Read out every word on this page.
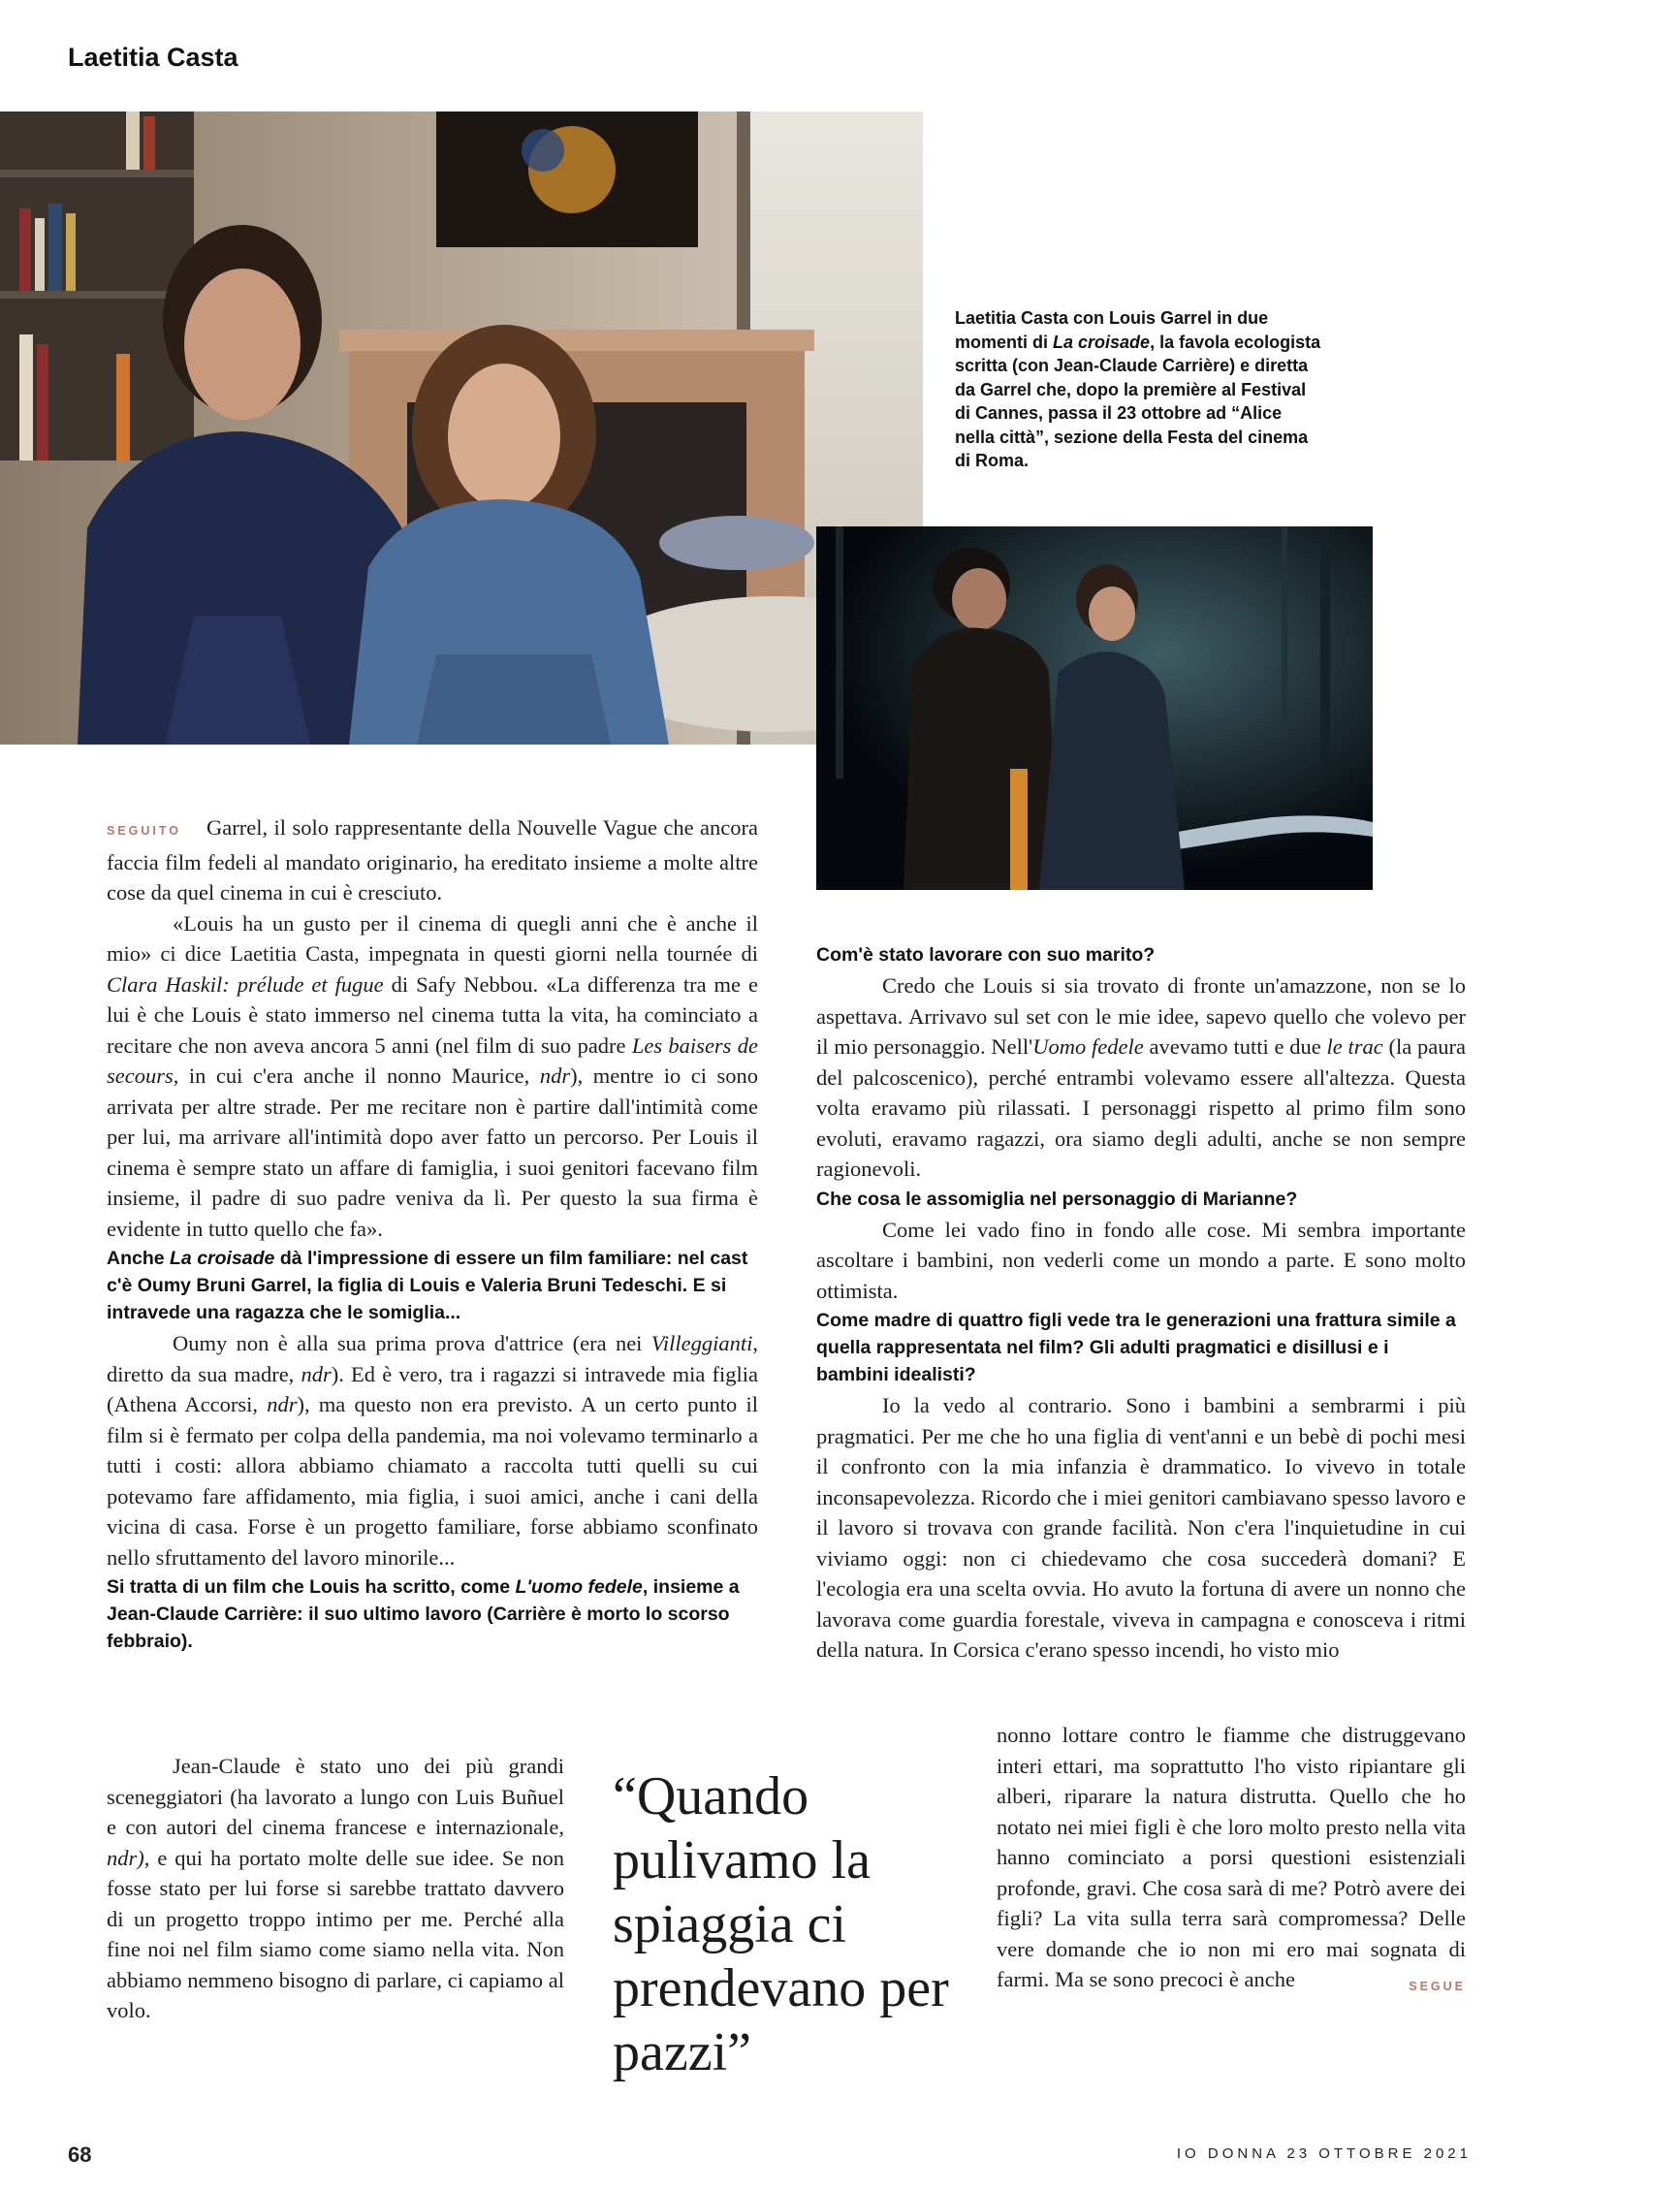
Laetitia Casta
Laetitia Casta con Louis Garrel in due momenti di La croisade, la favola ecologista scritta (con Jean-Claude Carrière) e diretta da Garrel che, dopo la première al Festival di Cannes, passa il 23 ottobre ad “Alice nella città”, sezione della Festa del cinema di Roma.

SEGUITO Garrel, il solo rappresentante della Nouvelle Vague che ancora faccia film fedeli al mandato originario, ha ereditato insieme a molte altre cose da quel cinema in cui è cresciuto.

«Louis ha un gusto per il cinema di quegli anni che è anche il mio» ci dice Laetitia Casta, impegnata in questi giorni nella tournée di Clara Haskil: prélude et fugue di Safy Nebbou. «La differenza tra me e lui è che Louis è stato immerso nel cinema tutta la vita, ha cominciato a recitare che non aveva ancora 5 anni (nel film di suo padre Les baisers de secours, in cui c'era anche il nonno Maurice, ndr), mentre io ci sono arrivata per altre strade. Per me recitare non è partire dall'intimità come per lui, ma arrivare all'intimità dopo aver fatto un percorso. Per Louis il cinema è sempre stato un affare di famiglia, i suoi genitori facevano film insieme, il padre di suo padre veniva da lì. Per questo la sua firma è evidente in tutto quello che fa».

Anche La croisade dà l'impressione di essere un film familiare: nel cast c'è Oumy Bruni Garrel, la figlia di Louis e Valeria Bruni Tedeschi. E si intravede una ragazza che le somiglia...

Oumy non è alla sua prima prova d'attrice (era nei Villeggianti, diretto da sua madre, ndr). Ed è vero, tra i ragazzi si intravede mia figlia (Athena Accorsi, ndr), ma questo non era previsto. A un certo punto il film si è fermato per colpa della pandemia, ma noi volevamo terminarlo a tutti i costi: allora abbiamo chiamato a raccolta tutti quelli su cui potevamo fare affidamento, mia figlia, i suoi amici, anche i cani della vicina di casa. Forse è un progetto familiare, forse abbiamo sconfinato nello sfruttamento del lavoro minorile...

Si tratta di un film che Louis ha scritto, come L'uomo fedele, insieme a Jean-Claude Carrière: il suo ultimo lavoro (Carrière è morto lo scorso febbraio).

Jean-Claude è stato uno dei più grandi sceneggiatori (ha lavorato a lungo con Luis Buñuel e con autori del cinema francese e internazionale, ndr), e qui ha portato molte delle sue idee. Se non fosse stato per lui forse si sarebbe trattato davvero di un progetto troppo intimo per me. Perché alla fine noi nel film siamo come siamo nella vita. Non abbiamo nemmeno bisogno di parlare, ci capiamo al volo.

“Quando pulivamo la spiaggia ci prendevano per pazzi”

Com'è stato lavorare con suo marito?

Credo che Louis si sia trovato di fronte un'amazzone, non se lo aspettava. Arrivavo sul set con le mie idee, sapevo quello che volevo per il mio personaggio. Nell'Uomo fedele avevamo tutti e due le trac (la paura del palcoscenico), perché entrambi volevamo essere all'altezza. Questa volta eravamo più rilassati. I personaggi rispetto al primo film sono evoluti, eravamo ragazzi, ora siamo degli adulti, anche se non sempre ragionevoli.

Che cosa le assomiglia nel personaggio di Marianne?

Come lei vado fino in fondo alle cose. Mi sembra importante ascoltare i bambini, non vederli come un mondo a parte. E sono molto ottimista.

Come madre di quattro figli vede tra le generazioni una frattura simile a quella rappresentata nel film? Gli adulti pragmatici e disillusi e i bambini idealisti?

Io la vedo al contrario. Sono i bambini a sembrarmi i più pragmatici. Per me che ho una figlia di vent'anni e un bebè di pochi mesi il confronto con la mia infanzia è drammatico. Io vivevo in totale inconsapevolezza. Ricordo che i miei genitori cambiavano spesso lavoro e il lavoro si trovava con grande facilità. Non c'era l'inquietudine in cui viviamo oggi: non ci chiedevamo che cosa succederà domani? E l'ecologia era una scelta ovvia. Ho avuto la fortuna di avere un nonno che lavorava come guardia forestale, viveva in campagna e conosceva i ritmi della natura. In Corsica c'erano spesso incendi, ho visto mio

nonno lottare contro le fiamme che distruggevano interi ettari, ma soprattutto l'ho visto ripiantare gli alberi, riparare la natura distrutta. Quello che ho notato nei miei figli è che loro molto presto nella vita hanno cominciato a porsi questioni esistenziali profonde, gravi. Che cosa sarà di me? Potrò avere dei figli? La vita sulla terra sarà compromessa? Delle vere domande che io non mi ero mai sognata di farmi. Ma se sono precoci è anche	SEGUE

68	IO DONNA 23 OTTOBRE 2021
